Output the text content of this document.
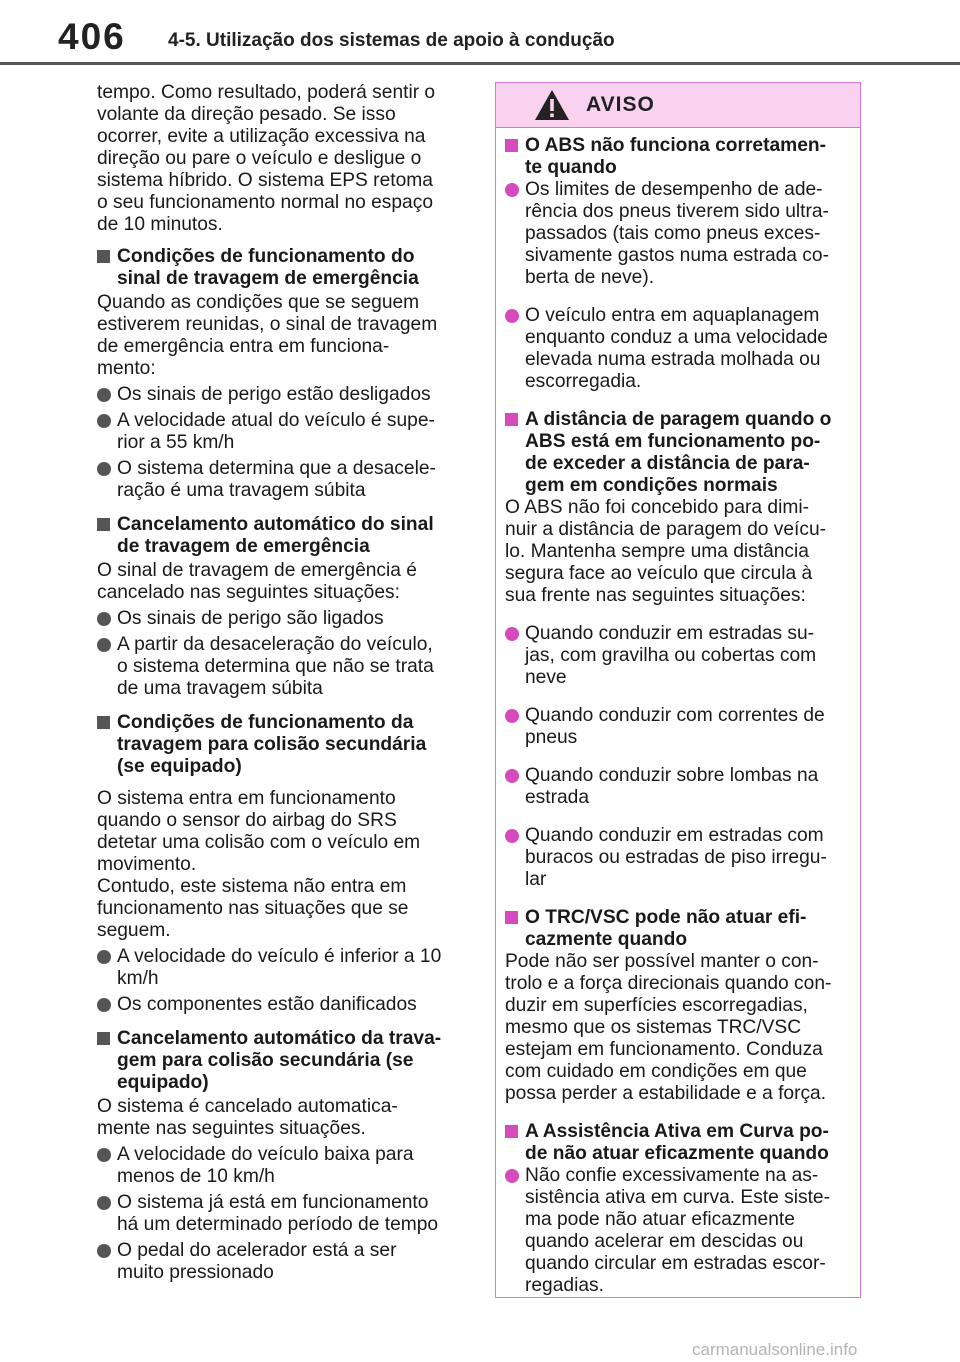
406 4-5. Utilização dos sistemas de apoio à condução

tempo. Como resultado, poderá sentir o
volante da direção pesado. Se isso
ocorrer, evite a utilização excessiva na
direção ou pare o veículo e desligue o
sistema híbrido. O sistema EPS retoma
o seu funcionamento normal no espaço
de 10 minutos.

Condições de funcionamento do
sinal de travagem de emergência

Quando as condições que se seguem
estiverem reunidas, o sinal de travagem
de emergência entra em funciona-
mento:

Os sinais de perigo estão desligados
A velocidade atual do veículo é supe-
rior a 55 km/h
O sistema determina que a desacele-
ração é uma travagem súbita
Cancelamento automático do sinal
de travagem de emergência

O sinal de travagem de emergência é
cancelado nas seguintes situações:

Os sinais de perigo são ligados
A partir da desaceleração do veículo,
o sistema determina que não se trata
de uma travagem súbita
Condições de funcionamento da
travagem para colisão secundária
(se equipado)

O sistema entra em funcionamento
quando o sensor do airbag do SRS
detetar uma colisão com o veículo em
movimento.
Contudo, este sistema não entra em
funcionamento nas situações que se
seguem.

A velocidade do veículo é inferior a 10
km/h
Os componentes estão danificados
Cancelamento automático da trava-
gem para colisão secundária (se
equipado)

O sistema é cancelado automatica-
mente nas seguintes situações.

A velocidade do veículo baixa para
menos de 10 km/h
O sistema já está em funcionamento
há um determinado período de tempo
O pedal do acelerador está a ser
muito pressionado
AVISO
O ABS não funciona corretamen-
te quando
Os limites de desempenho de ade-
rência dos pneus tiverem sido ultra-
passados (tais como pneus exces-
sivamente gastos numa estrada co-
berta de neve).
O veículo entra em aquaplanagem
enquanto conduz a uma velocidade
elevada numa estrada molhada ou
escorregadia.
A distância de paragem quando o
ABS está em funcionamento po-
de exceder a distância de para-
gem em condições normais

O ABS não foi concebido para dimi-
nuir a distância de paragem do veícu-
lo. Mantenha sempre uma distância
segura face ao veículo que circula à
sua frente nas seguintes situações:

Quando conduzir em estradas su-
jas, com gravilha ou cobertas com
neve
Quando conduzir com correntes de
pneus
Quando conduzir sobre lombas na
estrada
Quando conduzir em estradas com
buracos ou estradas de piso irregu-
lar
O TRC/VSC pode não atuar efi-
cazmente quando

Pode não ser possível manter o con-
trolo e a força direcionais quando con-
duzir em superfícies escorregadias,
mesmo que os sistemas TRC/VSC
estejam em funcionamento. Conduza
com cuidado em condições em que
possa perder a estabilidade e a força.

A Assistência Ativa em Curva po-
de não atuar eficazmente quando
Não confie excessivamente na as-
sistência ativa em curva. Este siste-
ma pode não atuar eficazmente
quando acelerar em descidas ou
quando circular em estradas escor-
regadias.
carmanualsonline.info
